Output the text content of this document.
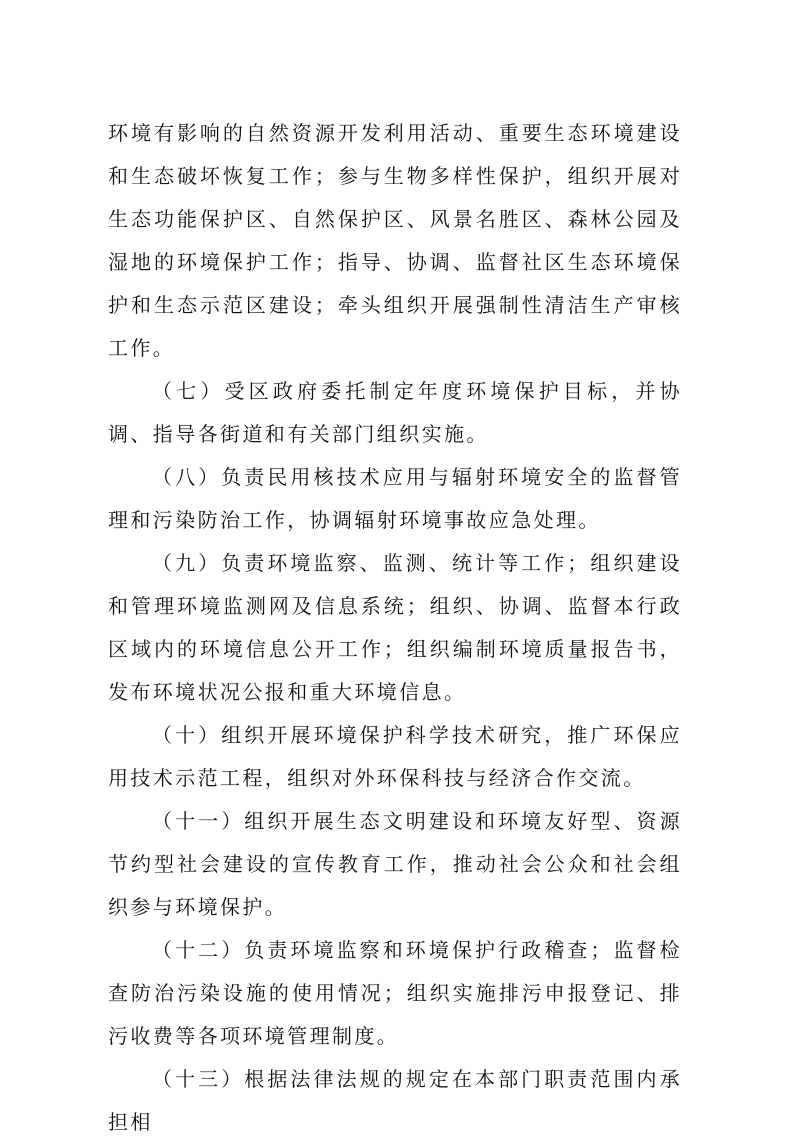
环境有影响的自然资源开发利用活动、重要生态环境建设和生态破坏恢复工作；参与生物多样性保护，组织开展对生态功能保护区、自然保护区、风景名胜区、森林公园及湿地的环境保护工作；指导、协调、监督社区生态环境保护和生态示范区建设；牵头组织开展强制性清洁生产审核工作。

（七）受区政府委托制定年度环境保护目标，并协调、指导各街道和有关部门组织实施。

（八）负责民用核技术应用与辐射环境安全的监督管理和污染防治工作，协调辐射环境事故应急处理。

（九）负责环境监察、监测、统计等工作；组织建设和管理环境监测网及信息系统；组织、协调、监督本行政区域内的环境信息公开工作；组织编制环境质量报告书，发布环境状况公报和重大环境信息。

（十）组织开展环境保护科学技术研究，推广环保应用技术示范工程，组织对外环保科技与经济合作交流。

（十一）组织开展生态文明建设和环境友好型、资源节约型社会建设的宣传教育工作，推动社会公众和社会组织参与环境保护。

（十二）负责环境监察和环境保护行政稽查；监督检查防治污染设施的使用情况；组织实施排污申报登记、排污收费等各项环境管理制度。

（十三）根据法律法规的规定在本部门职责范围内承担相
